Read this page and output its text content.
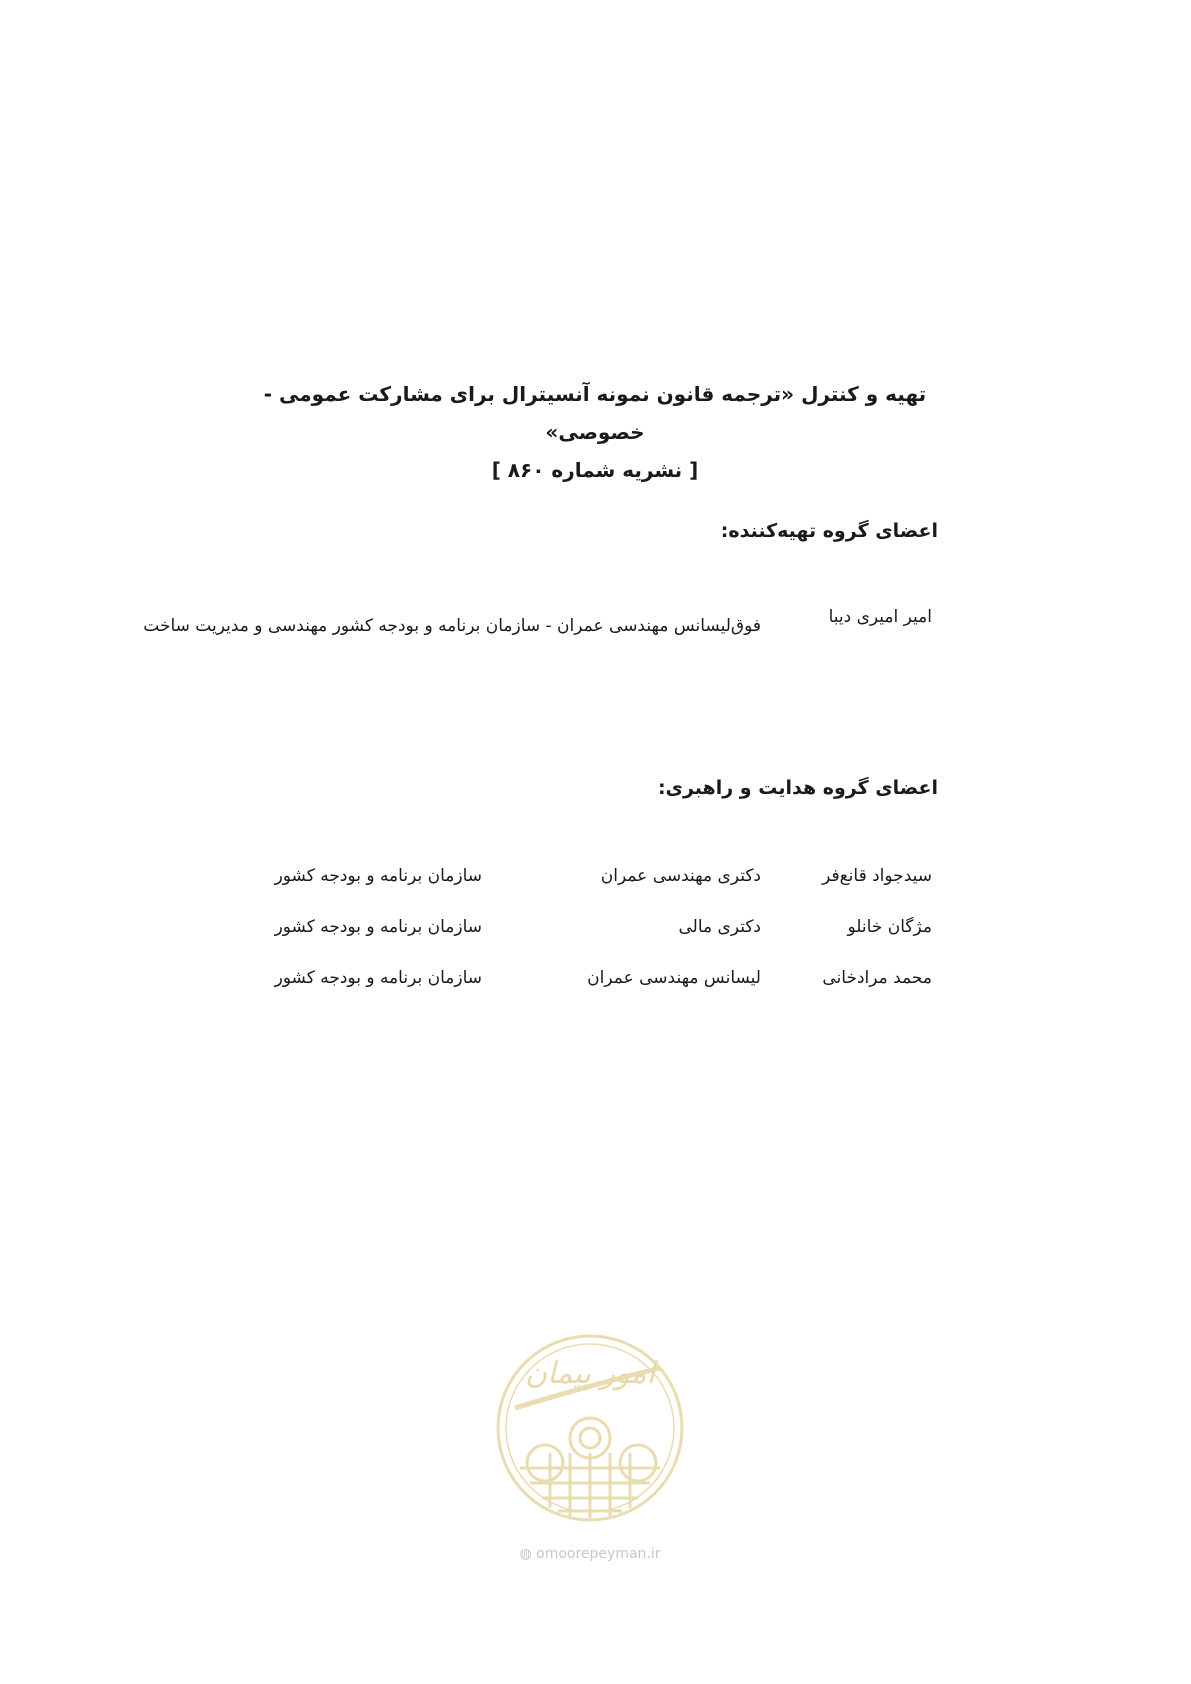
تهیه و کنترل «ترجمه قانون نمونه آنسیترال برای مشارکت عمومی - خصوصی»
[ نشریه شماره ۸۶۰ ]
اعضای گروه تهیه‌کننده:
امیر امیری دیبا
فوق‌لیسانس مهندسی عمران - سازمان برنامه و بودجه کشور مهندسی و مدیریت ساخت
اعضای گروه هدایت و راهبری:
سیدجواد قانع‌فر
دکتری مهندسی عمران
سازمان برنامه و بودجه کشور
مژگان خانلو
دکتری مالی
سازمان برنامه و بودجه کشور
محمد مرادخانی
لیسانس مهندسی عمران
سازمان برنامه و بودجه کشور
امور پیمان
◍ omoorepeyman.ir
